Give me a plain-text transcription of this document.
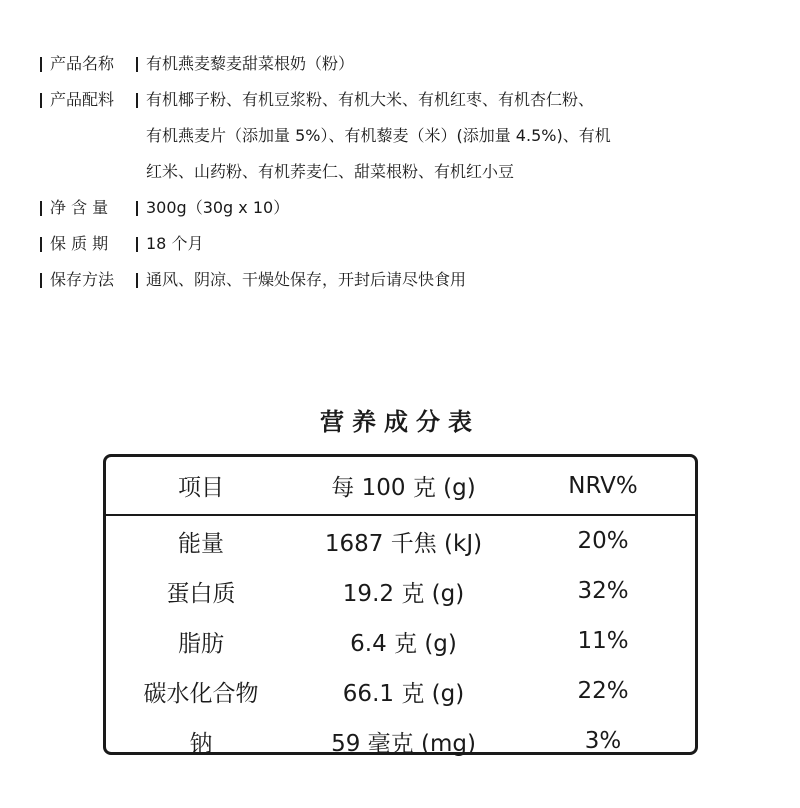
产品名称	有机燕麦藜麦甜菜根奶（粉）
产品配料	有机椰子粉、有机豆浆粉、有机大米、有机红枣、有机杏仁粉、
有机燕麦片（添加量 5%）、有机藜麦（米）(添加量 4.5%)、有机
红米、山药粉、有机荞麦仁、甜菜根粉、有机红小豆
净 含 量	300g（30g x 10）
保 质 期	18 个月
保存方法	通风、阴凉、干燥处保存，开封后请尽快食用
营养成分表
项目	每 100 克 (g)	NRV%
能量	1687 千焦 (kJ)	20%
蛋白质	19.2 克 (g)	32%
脂肪	6.4 克 (g)	11%
碳水化合物	66.1 克 (g)	22%
钠	59 毫克 (mg)	3%
